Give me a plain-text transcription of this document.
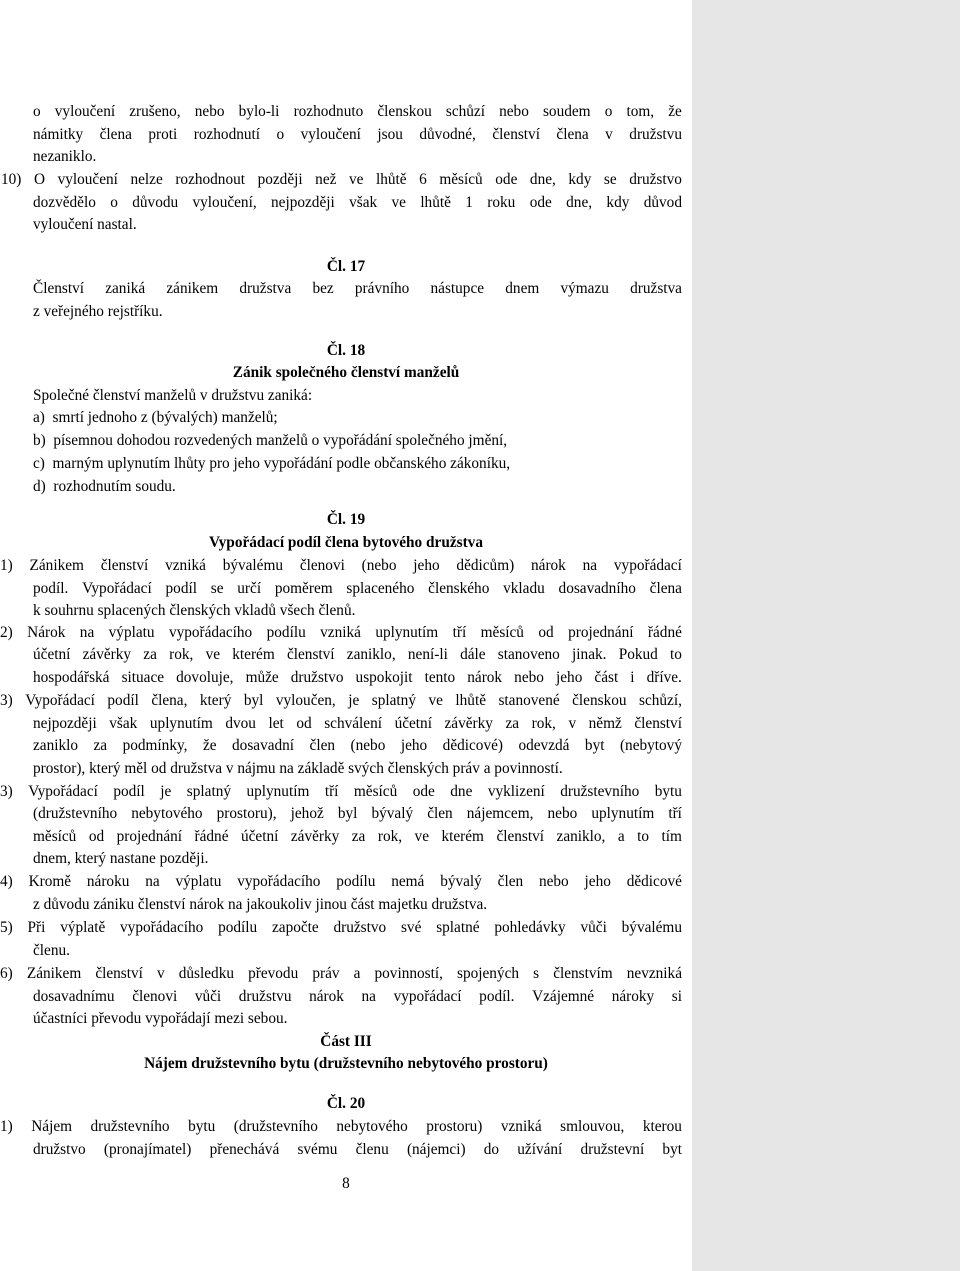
o vyloučení zrušeno, nebo bylo-li rozhodnuto členskou schůzí nebo soudem o tom, že
námitky člena proti rozhodnutí o vyloučení jsou důvodné, členství člena v družstvu
nezaniklo.
10) O vyloučení nelze rozhodnout později než ve lhůtě 6 měsíců ode dne, kdy se družstvo
dozvědělo o důvodu vyloučení, nejpozději však ve lhůtě 1 roku ode dne, kdy důvod
vyloučení nastal.
Čl. 17
Členství zaniká zánikem družstva bez právního nástupce dnem výmazu družstva
z veřejného rejstříku.
Čl. 18
Zánik společného členství manželů
Společné členství manželů v družstvu zaniká:
a)  smrtí jednoho z (bývalých) manželů;
b)  písemnou dohodou rozvedených manželů o vypořádání společného jmění,
c)  marným uplynutím lhůty pro jeho vypořádání podle občanského zákoníku,
d)  rozhodnutím soudu.
Čl. 19
Vypořádací podíl člena bytového družstva
1) Zánikem členství vzniká bývalému členovi (nebo jeho dědicům) nárok na vypořádací
podíl. Vypořádací podíl se určí poměrem splaceného členského vkladu dosavadního člena
k souhrnu splacených členských vkladů všech členů.
2) Nárok na výplatu vypořádacího podílu vzniká uplynutím tří měsíců od projednání řádné
účetní závěrky za rok, ve kterém členství zaniklo, není-li dále stanoveno jinak. Pokud to
hospodářská situace dovoluje, může družstvo uspokojit tento nárok nebo jeho část i dříve.
3) Vypořádací podíl člena, který byl vyloučen, je splatný ve lhůtě stanovené členskou schůzí,
nejpozději však uplynutím dvou let od schválení účetní závěrky za rok, v němž členství
zaniklo za podmínky, že dosavadní člen (nebo jeho dědicové) odevzdá byt (nebytový
prostor), který měl od družstva v nájmu na základě svých členských práv a povinností.
3) Vypořádací podíl je splatný uplynutím tří měsíců ode dne vyklizení družstevního bytu
(družstevního nebytového prostoru), jehož byl bývalý člen nájemcem, nebo uplynutím tří
měsíců od projednání řádné účetní závěrky za rok, ve kterém členství zaniklo, a to tím
dnem, který nastane později.
4) Kromě nároku na výplatu vypořádacího podílu nemá bývalý člen nebo jeho dědicové
z důvodu zániku členství nárok na jakoukoliv jinou část majetku družstva.
5) Při výplatě vypořádacího podílu započte družstvo své splatné pohledávky vůči bývalému
členu.
6) Zánikem členství v důsledku převodu práv a povinností, spojených s členstvím nevzniká
dosavadnímu členovi vůči družstvu nárok na vypořádací podíl. Vzájemné nároky si
účastníci převodu vypořádají mezi sebou.
Část III
Nájem družstevního bytu (družstevního nebytového prostoru)
Čl. 20
1) Nájem družstevního bytu (družstevního nebytového prostoru) vzniká smlouvou, kterou
družstvo (pronajímatel) přenechává svému členu (nájemci) do užívání družstevní byt
8
